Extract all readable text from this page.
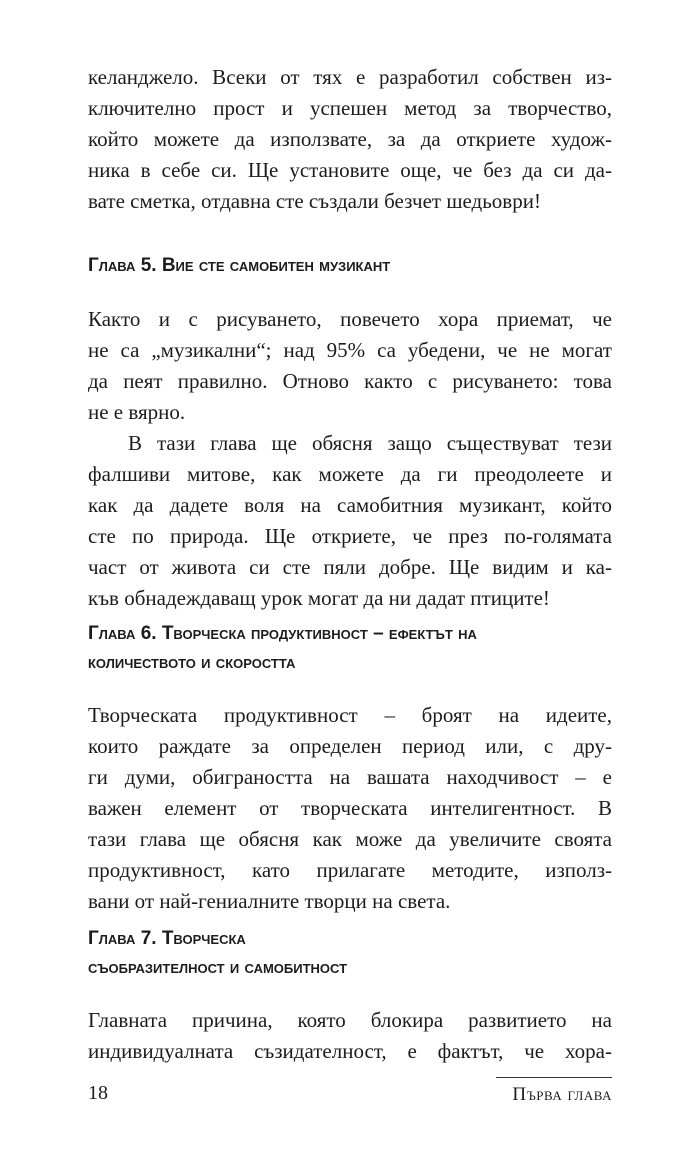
келанджело. Всеки от тях е разработил собствен из-
ключително прост и успешен метод за творчество,
който можете да използвате, за да откриете худож-
ника в себе си. Ще установите още, че без да си да-
вате сметка, отдавна сте създали безчет шедьоври!
Глава 5. Вие сте самобитен музикант
Както и с рисуването, повечето хора приемат, че
не са „музикални“; над 95% са убедени, че не могат
да пеят правилно. Отново както с рисуването: това
не е вярно.
В тази глава ще обясня защо съществуват тези
фалшиви митове, как можете да ги преодолеете и
как да дадете воля на самобитния музикант, който
сте по природа. Ще откриете, че през по-голямата
част от живота си сте пяли добре. Ще видим и ка-
къв обнадеждаващ урок могат да ни дадат птиците!
Глава 6. Творческа продуктивност – ефектът на
количеството и скоростта
Творческата продуктивност – броят на идеите,
които раждате за определен период или, с дру-
ги думи, обиграността на вашата находчивост – е
важен елемент от творческата интелигентност. В
тази глава ще обясня как може да увеличите своята
продуктивност, като прилагате методите, използ-
вани от най-гениалните творци на света.
Глава 7. Творческа
съобразителност и самобитност
Главната причина, която блокира развитието на
индивидуалната съзидателност, е фактът, че хора-
18	Първа глава
